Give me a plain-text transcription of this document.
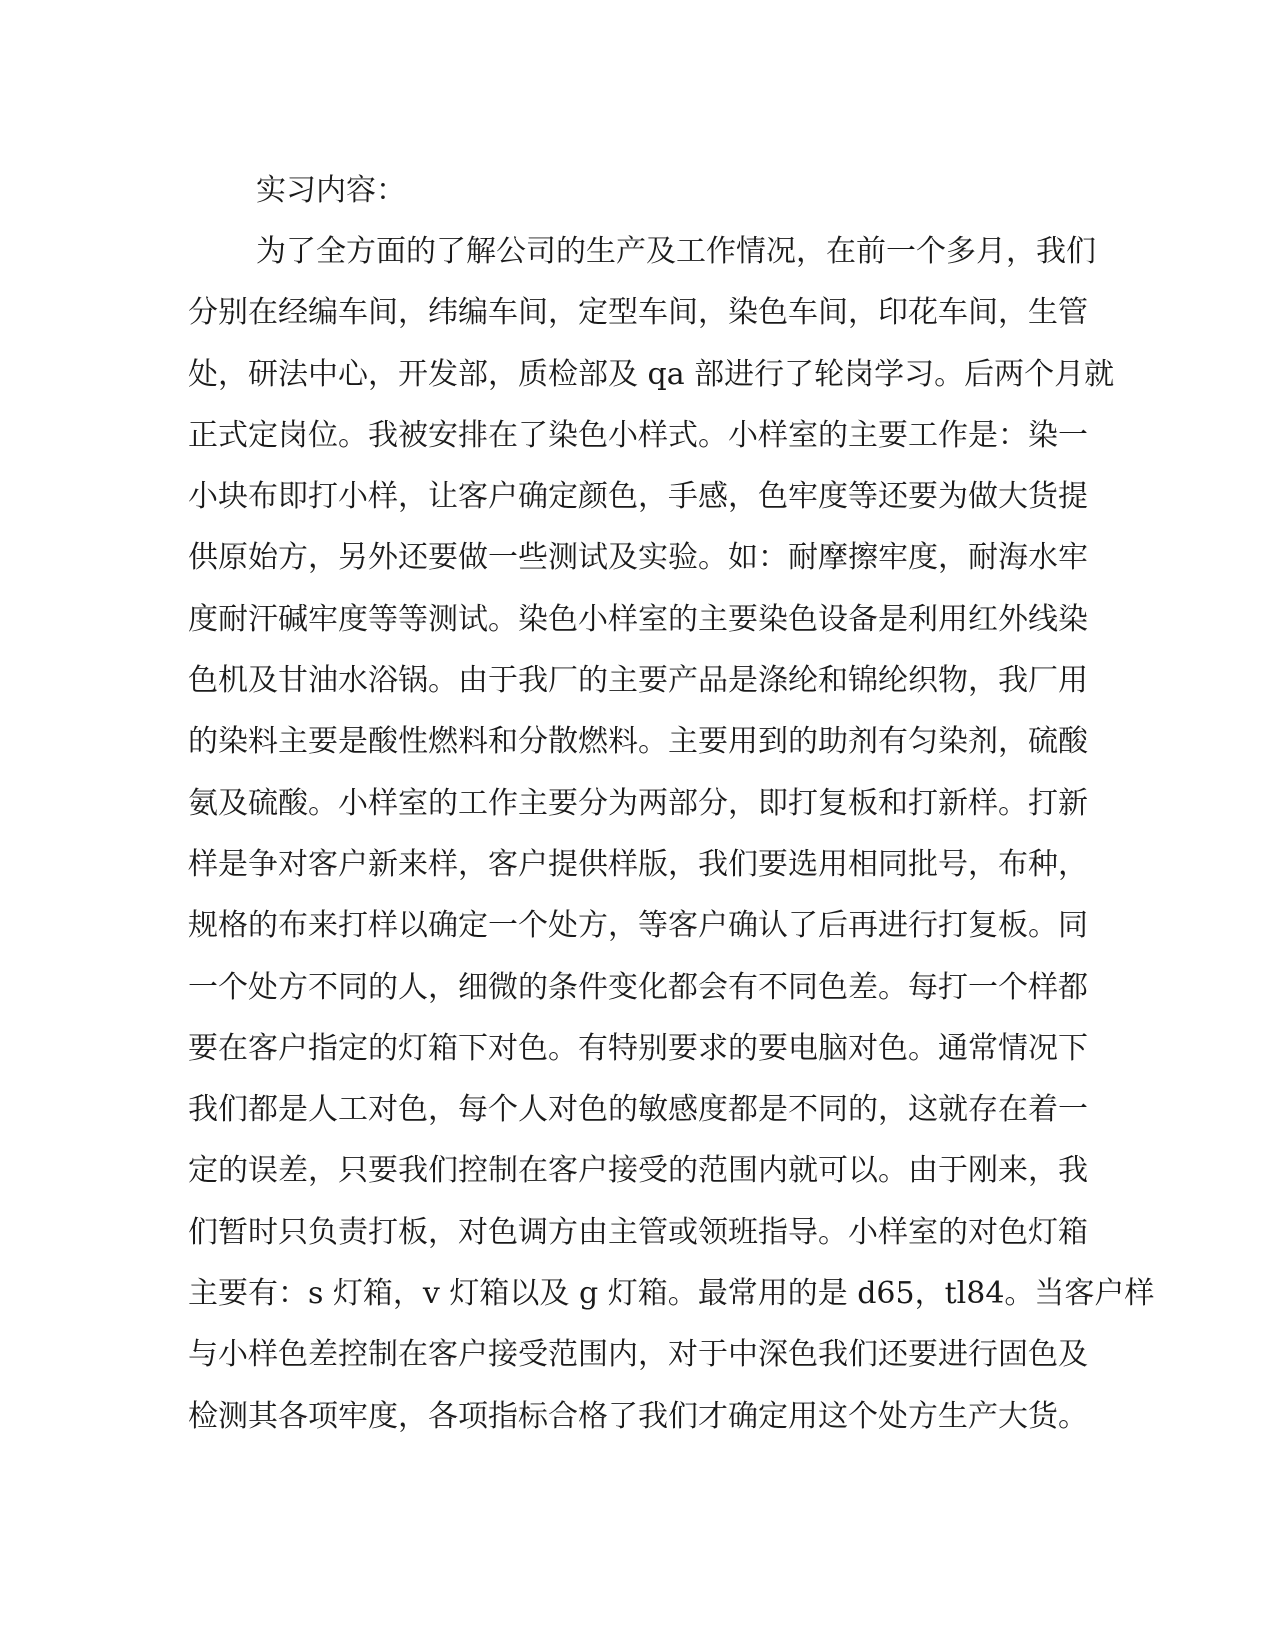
实习内容：
为了全方面的了解公司的生产及工作情况，在前一个多月，我们
分别在经编车间，纬编车间，定型车间，染色车间，印花车间，生管
处，研法中心，开发部，质检部及 qa 部进行了轮岗学习。后两个月就
正式定岗位。我被安排在了染色小样式。小样室的主要工作是：染一
小块布即打小样，让客户确定颜色，手感，色牢度等还要为做大货提
供原始方，另外还要做一些测试及实验。如：耐摩擦牢度，耐海水牢
度耐汗碱牢度等等测试。染色小样室的主要染色设备是利用红外线染
色机及甘油水浴锅。由于我厂的主要产品是涤纶和锦纶织物，我厂用
的染料主要是酸性燃料和分散燃料。主要用到的助剂有匀染剂，硫酸
氨及硫酸。小样室的工作主要分为两部分，即打复板和打新样。打新
样是争对客户新来样，客户提供样版，我们要选用相同批号，布种，
规格的布来打样以确定一个处方，等客户确认了后再进行打复板。同
一个处方不同的人，细微的条件变化都会有不同色差。每打一个样都
要在客户指定的灯箱下对色。有特别要求的要电脑对色。通常情况下
我们都是人工对色，每个人对色的敏感度都是不同的，这就存在着一
定的误差，只要我们控制在客户接受的范围内就可以。由于刚来，我
们暂时只负责打板，对色调方由主管或领班指导。小样室的对色灯箱
主要有：s 灯箱，v 灯箱以及 g 灯箱。最常用的是 d65，tl84。当客户样
与小样色差控制在客户接受范围内，对于中深色我们还要进行固色及
检测其各项牢度，各项指标合格了我们才确定用这个处方生产大货。
